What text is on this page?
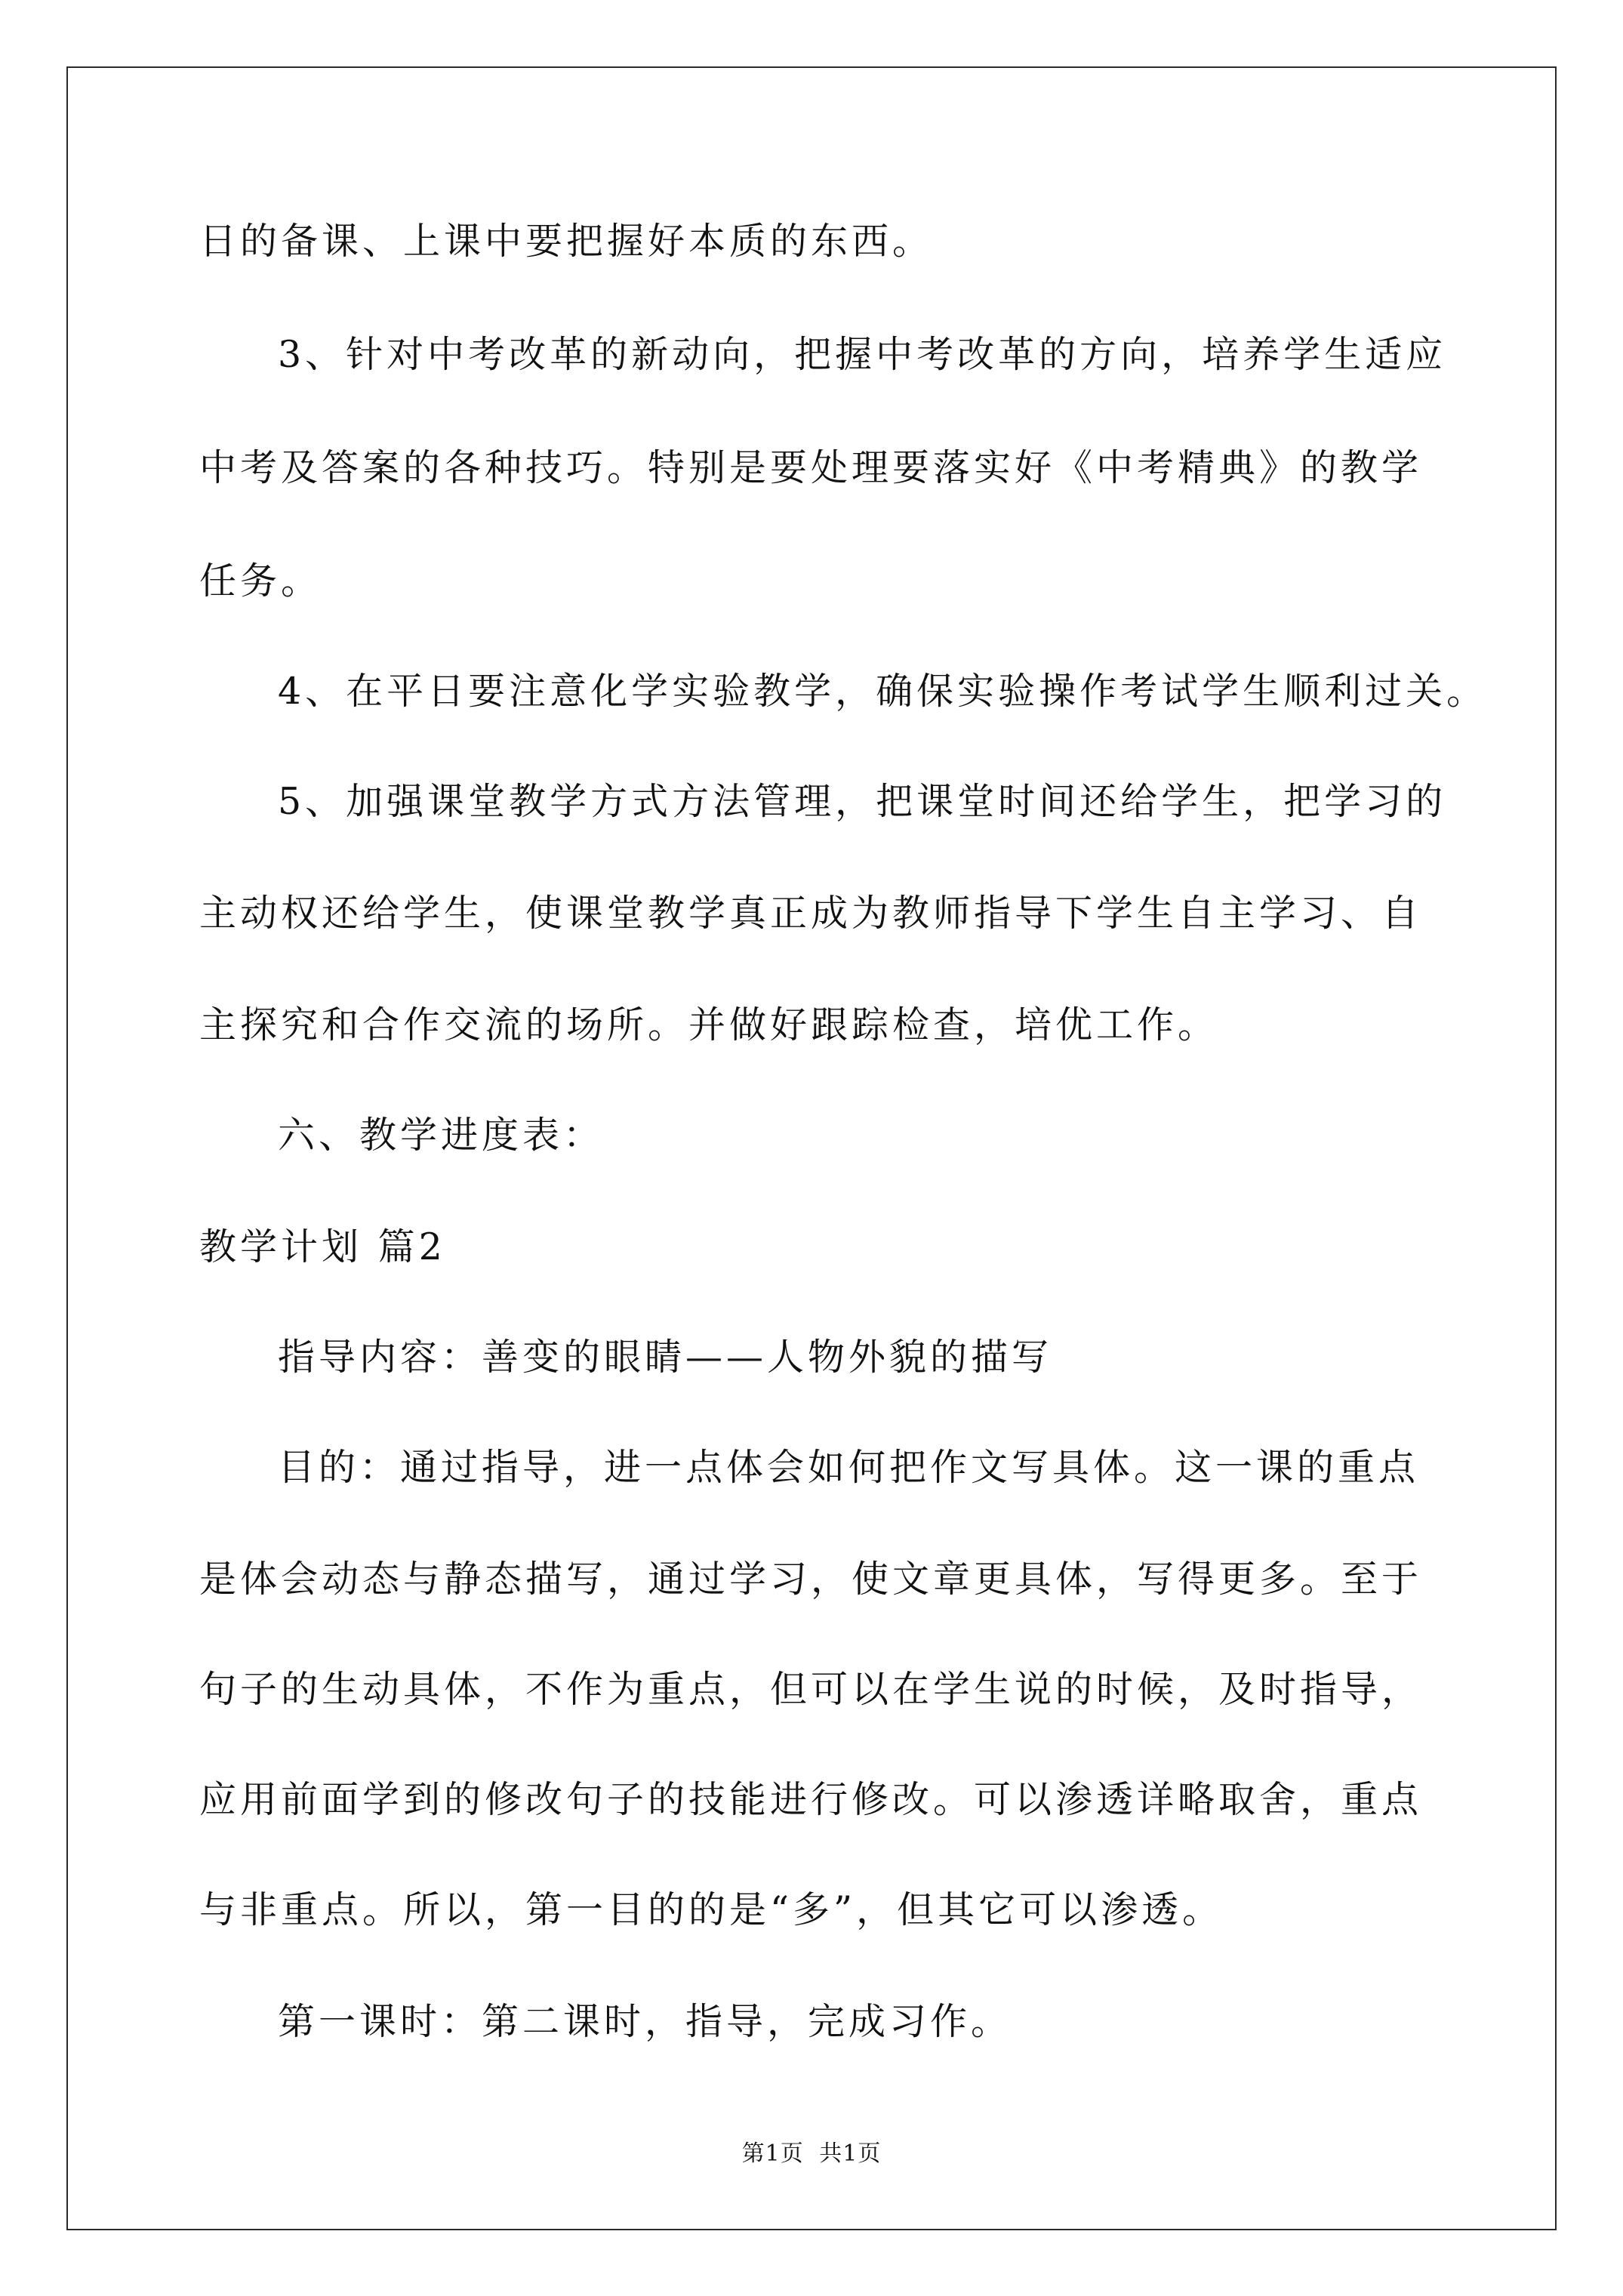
日的备课、上课中要把握好本质的东西。
3、针对中考改革的新动向，把握中考改革的方向，培养学生适应
中考及答案的各种技巧。特别是要处理要落实好《中考精典》的教学
任务。
4、在平日要注意化学实验教学，确保实验操作考试学生顺利过关。
5、加强课堂教学方式方法管理，把课堂时间还给学生，把学习的
主动权还给学生，使课堂教学真正成为教师指导下学生自主学习、自
主探究和合作交流的场所。并做好跟踪检查，培优工作。
六、教学进度表：
教学计划 篇2
指导内容：善变的眼睛——人物外貌的描写
目的：通过指导，进一点体会如何把作文写具体。这一课的重点
是体会动态与静态描写，通过学习，使文章更具体，写得更多。至于
句子的生动具体，不作为重点，但可以在学生说的时候，及时指导，
应用前面学到的修改句子的技能进行修改。可以渗透详略取舍，重点
与非重点。所以，第一目的的是“多”，但其它可以渗透。
第一课时：第二课时，指导，完成习作。
第1页 共1页
